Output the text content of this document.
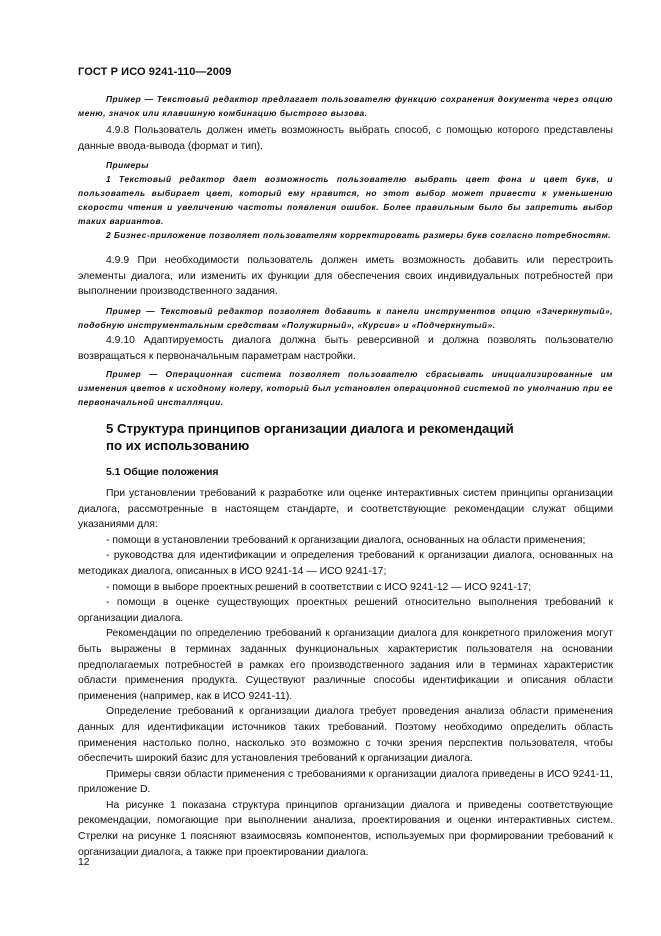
ГОСТ Р ИСО 9241-110—2009

Пример — Текстовый редактор предлагает пользователю функцию сохранения документа через опцию меню, значок или клавишную комбинацию быстрого вызова.

4.9.8 Пользователь должен иметь возможность выбрать способ, с помощью которого представлены данные ввода-вывода (формат и тип).

Примеры

1 Текстовый редактор дает возможность пользователю выбрать цвет фона и цвет букв, и пользователь выбирает цвет, который ему нравится, но этот выбор может привести к уменьшению скорости чтения и увеличению частоты появления ошибок. Более правильным было бы запретить выбор таких вариантов.

2 Бизнес-приложение позволяет пользователям корректировать размеры букв согласно потребностям.

4.9.9 При необходимости пользователь должен иметь возможность добавить или перестроить элементы диалога, или изменить их функции для обеспечения своих индивидуальных потребностей при выполнении производственного задания.

Пример — Текстовый редактор позволяет добавить к панели инструментов опцию «Зачеркнутый», подобную инструментальным средствам «Полужирный», «Курсив» и «Подчеркнутый».

4.9.10 Адаптируемость диалога должна быть реверсивной и должна позволять пользователю возвращаться к первоначальным параметрам настройки.

Пример — Операционная система позволяет пользователю сбрасывать инициализированные им изменения цветов к исходному колеру, который был установлен операционной системой по умолчанию при ее первоначальной инсталляции.

5 Структура принципов организации диалога и рекомендаций

по их использованию

5.1 Общие положения

При установлении требований к разработке или оценке интерактивных систем принципы организации диалога, рассмотренные в настоящем стандарте, и соответствующие рекомендации служат общими указаниями для:

- помощи в установлении требований к организации диалога, основанных на области применения;

- руководства для идентификации и определения требований к организации диалога, основанных на методиках диалога, описанных в ИСО 9241-14 — ИСО 9241-17;

- помощи в выборе проектных решений в соответствии с ИСО 9241-12 — ИСО 9241-17;

- помощи в оценке существующих проектных решений относительно выполнения требований к организации диалога.

Рекомендации по определению требований к организации диалога для конкретного приложения могут быть выражены в терминах заданных функциональных характеристик пользователя на основании предполагаемых потребностей в рамках его производственного задания или в терминах характеристик области применения продукта. Существуют различные способы идентификации и описания области применения (например, как в ИСО 9241-11).

Определение требований к организации диалога требует проведения анализа области применения данных для идентификации источников таких требований. Поэтому необходимо определить область применения настолько полно, насколько это возможно с точки зрения перспектив пользователя, чтобы обеспечить широкий базис для установления требований к организации диалога.

Примеры связи области применения с требованиями к организации диалога приведены в ИСО 9241-11, приложение D.

На рисунке 1 показана структура принципов организации диалога и приведены соответствующие рекомендации, помогающие при выполнении анализа, проектирования и оценки интерактивных систем. Стрелки на рисунке 1 поясняют взаимосвязь компонентов, используемых при формировании требований к организации диалога, а также при проектировании диалога.

12
